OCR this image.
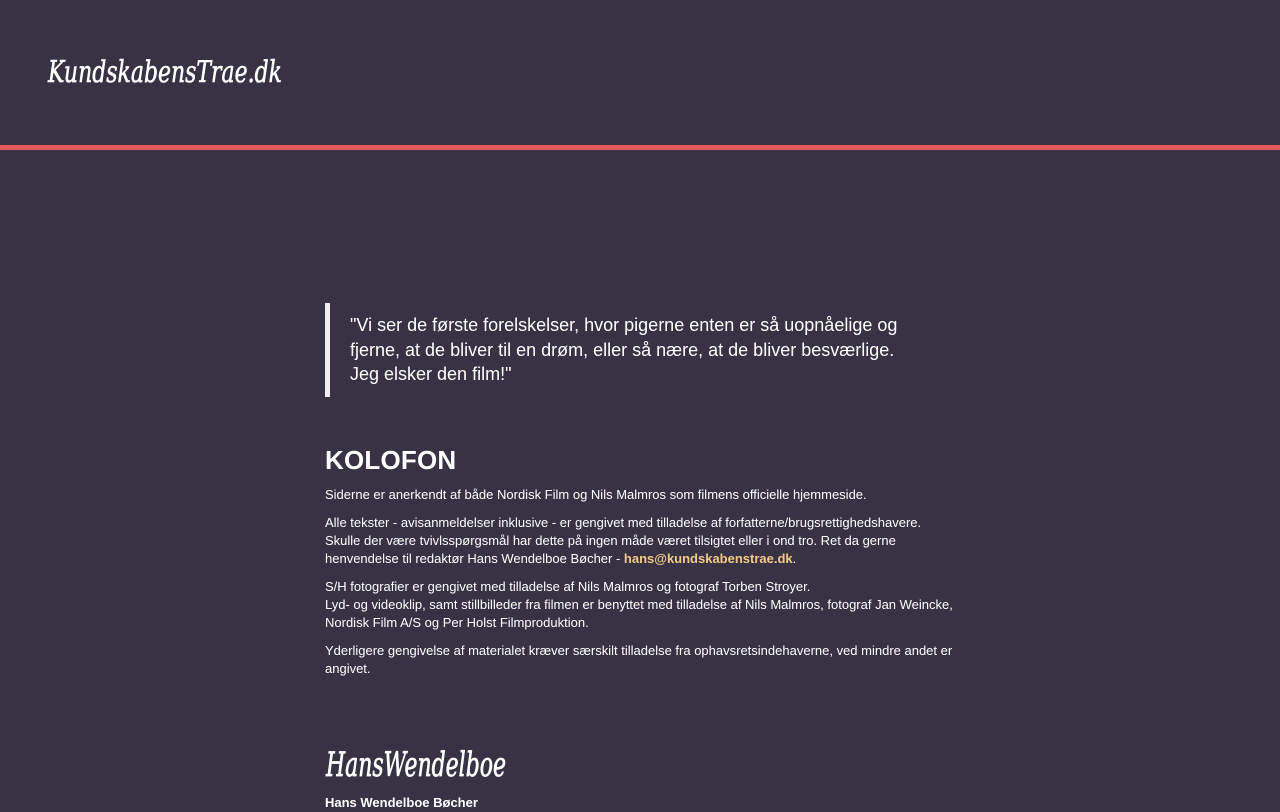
KundskabensTrae.dk
"Vi ser de første forelskelser, hvor pigerne enten er så uopnåelige og fjerne, at de bliver til en drøm, eller så nære, at de bliver besværlige. Jeg elsker den film!"
KOLOFON

Siderne er anerkendt af både Nordisk Film og Nils Malmros som filmens officielle hjemmeside.

Alle tekster - avisanmeldelser inklusive - er gengivet med tilladelse af forfatterne/brugsrettighedshavere.
Skulle der være tvivlsspørgsmål har dette på ingen måde været tilsigtet eller i ond tro. Ret da gerne henvendelse til redaktør Hans Wendelboe Bøcher - hans@kundskabenstrae.dk.

S/H fotografier er gengivet med tilladelse af Nils Malmros og fotograf Torben Stroyer.
Lyd- og videoklip, samt stillbilleder fra filmen er benyttet med tilladelse af Nils Malmros, fotograf Jan Weincke, Nordisk Film A/S og Per Holst Filmproduktion.

Yderligere gengivelse af materialet kræver særskilt tilladelse fra ophavsretsindehaverne, ved mindre andet er angivet.

HansWendelboe

Hans Wendelboe Bøcher
